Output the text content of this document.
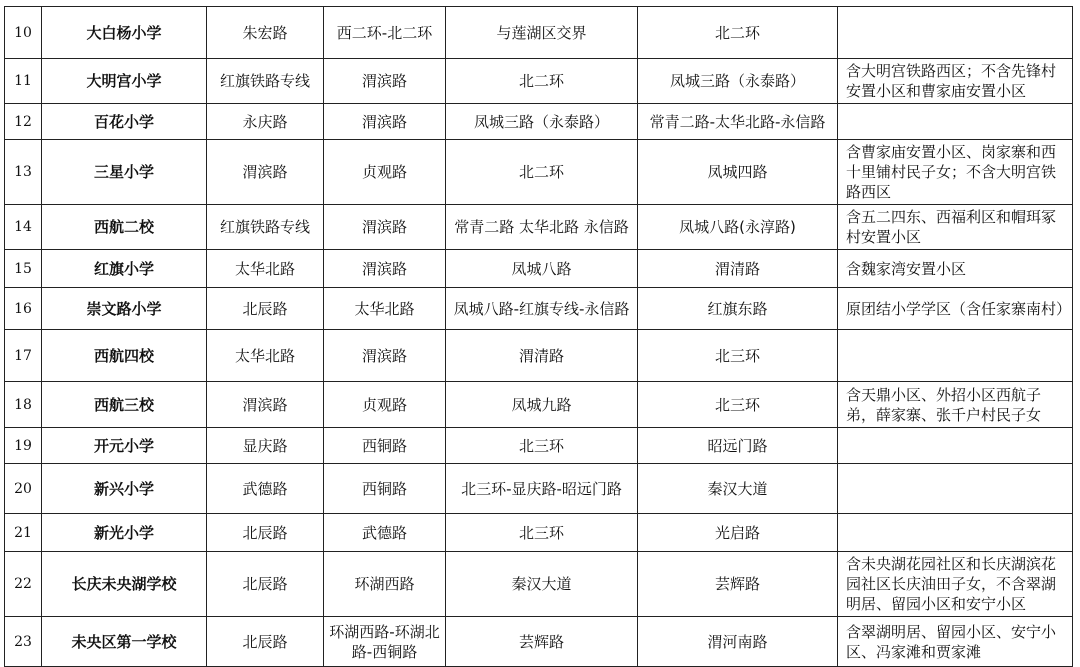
10	大白杨小学	朱宏路	西二环-北二环	与莲湖区交界	北二环	
11	大明宫小学	红旗铁路专线	渭滨路	北二环	凤城三路（永泰路）	含大明宫铁路西区；不含先锋村安置小区和曹家庙安置小区
12	百花小学	永庆路	渭滨路	凤城三路（永泰路）	常青二路-太华北路-永信路	
13	三星小学	渭滨路	贞观路	北二环	凤城四路	含曹家庙安置小区、岗家寨和西十里铺村民子女；不含大明宫铁路西区
14	西航二校	红旗铁路专线	渭滨路	常青二路 太华北路 永信路	凤城八路(永淳路)	含五二四东、西福利区和帽珥冢村安置小区
15	红旗小学	太华北路	渭滨路	凤城八路	渭清路	含魏家湾安置小区
16	崇文路小学	北辰路	太华北路	凤城八路-红旗专线-永信路	红旗东路	原团结小学学区（含任家寨南村）
17	西航四校	太华北路	渭滨路	渭清路	北三环	
18	西航三校	渭滨路	贞观路	凤城九路	北三环	含天鼎小区、外招小区西航子弟，薛家寨、张千户村民子女
19	开元小学	显庆路	西铜路	北三环	昭远门路	
20	新兴小学	武德路	西铜路	北三环-显庆路-昭远门路	秦汉大道	
21	新光小学	北辰路	武德路	北三环	光启路	
22	长庆未央湖学校	北辰路	环湖西路	秦汉大道	芸辉路	含未央湖花园社区和长庆湖滨花园社区长庆油田子女，不含翠湖明居、留园小区和安宁小区
23	未央区第一学校	北辰路	环湖西路-环湖北路-西铜路	芸辉路	渭河南路	含翠湖明居、留园小区、安宁小区、冯家滩和贾家滩
